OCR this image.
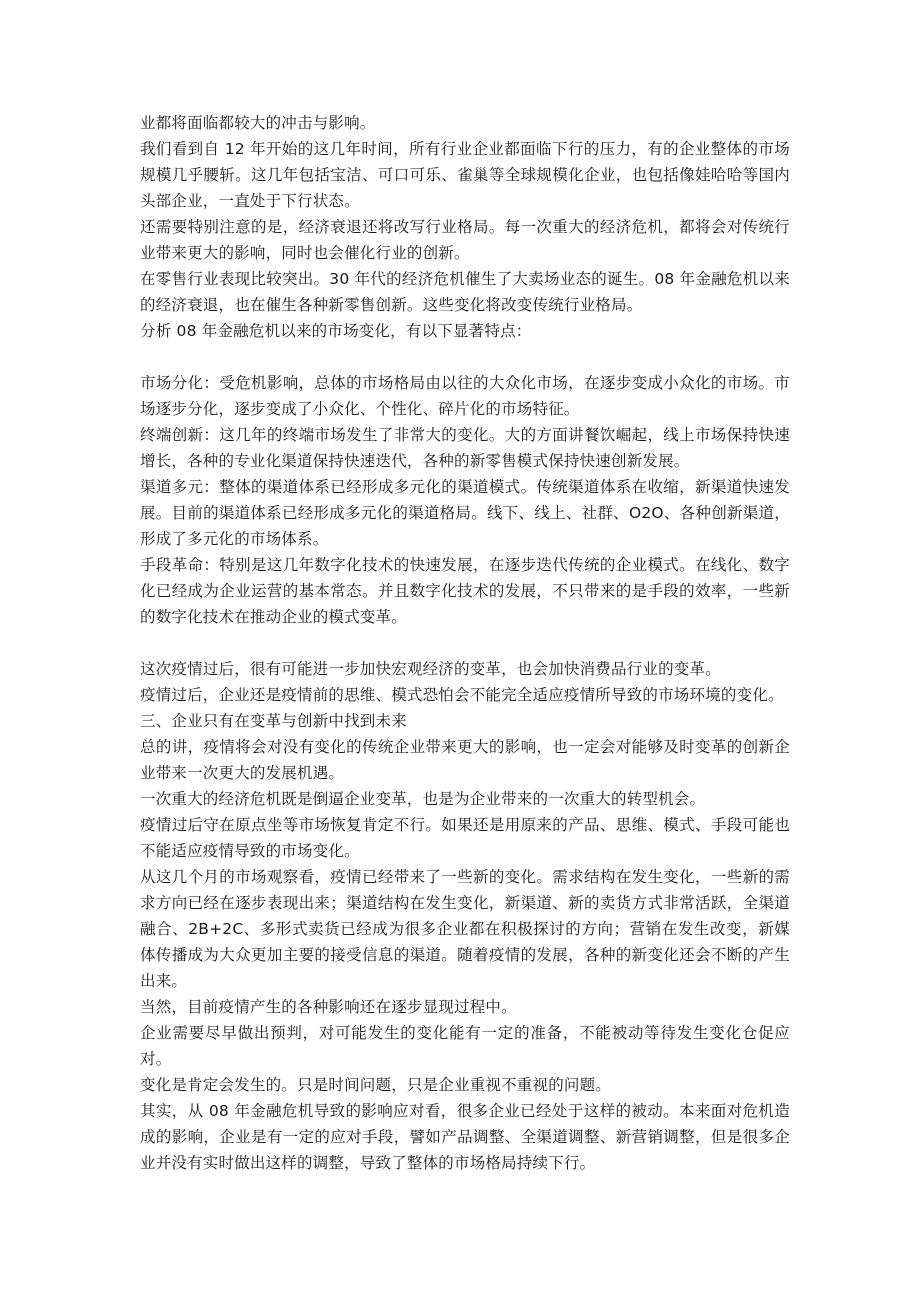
业都将面临都较大的冲击与影响。

我们看到自 12 年开始的这几年时间，所有行业企业都面临下行的压力，有的企业整体的市场规模几乎腰斩。这几年包括宝洁、可口可乐、雀巢等全球规模化企业，也包括像娃哈哈等国内头部企业，一直处于下行状态。

还需要特别注意的是，经济衰退还将改写行业格局。每一次重大的经济危机，都将会对传统行业带来更大的影响，同时也会催化行业的创新。

在零售行业表现比较突出。30 年代的经济危机催生了大卖场业态的诞生。08 年金融危机以来的经济衰退，也在催生各种新零售创新。这些变化将改变传统行业格局。

分析 08 年金融危机以来的市场变化，有以下显著特点：

市场分化：受危机影响，总体的市场格局由以往的大众化市场，在逐步变成小众化的市场。市场逐步分化，逐步变成了小众化、个性化、碎片化的市场特征。

终端创新：这几年的终端市场发生了非常大的变化。大的方面讲餐饮崛起，线上市场保持快速增长，各种的专业化渠道保持快速迭代，各种的新零售模式保持快速创新发展。

渠道多元：整体的渠道体系已经形成多元化的渠道模式。传统渠道体系在收缩，新渠道快速发展。目前的渠道体系已经形成多元化的渠道格局。线下、线上、社群、O2O、各种创新渠道，形成了多元化的市场体系。

手段革命：特别是这几年数字化技术的快速发展，在逐步迭代传统的企业模式。在线化、数字化已经成为企业运营的基本常态。并且数字化技术的发展，不只带来的是手段的效率，一些新的数字化技术在推动企业的模式变革。

这次疫情过后，很有可能进一步加快宏观经济的变革，也会加快消费品行业的变革。

疫情过后，企业还是疫情前的思维、模式恐怕会不能完全适应疫情所导致的市场环境的变化。

三、企业只有在变革与创新中找到未来

总的讲，疫情将会对没有变化的传统企业带来更大的影响，也一定会对能够及时变革的创新企业带来一次更大的发展机遇。

一次重大的经济危机既是倒逼企业变革，也是为企业带来的一次重大的转型机会。

疫情过后守在原点坐等市场恢复肯定不行。如果还是用原来的产品、思维、模式、手段可能也不能适应疫情导致的市场变化。

从这几个月的市场观察看，疫情已经带来了一些新的变化。需求结构在发生变化，一些新的需求方向已经在逐步表现出来；渠道结构在发生变化，新渠道、新的卖货方式非常活跃，全渠道融合、2B+2C、多形式卖货已经成为很多企业都在积极探讨的方向；营销在发生改变，新媒体传播成为大众更加主要的接受信息的渠道。随着疫情的发展，各种的新变化还会不断的产生出来。

当然，目前疫情产生的各种影响还在逐步显现过程中。

企业需要尽早做出预判，对可能发生的变化能有一定的准备，不能被动等待发生变化仓促应对。

变化是肯定会发生的。只是时间问题，只是企业重视不重视的问题。

其实，从 08 年金融危机导致的影响应对看，很多企业已经处于这样的被动。本来面对危机造成的影响，企业是有一定的应对手段，譬如产品调整、全渠道调整、新营销调整，但是很多企业并没有实时做出这样的调整，导致了整体的市场格局持续下行。
